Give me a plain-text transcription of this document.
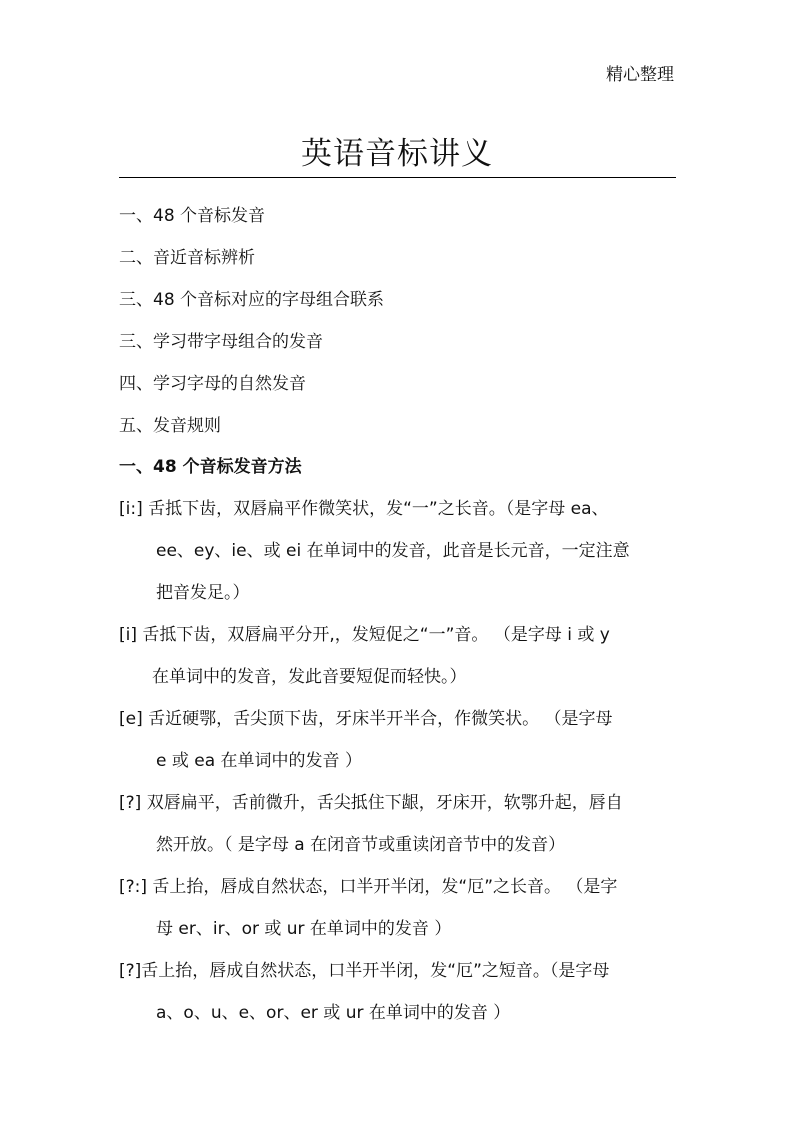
精心整理
英语音标讲义
一、48 个音标发音
二、音近音标辨析
三、48 个音标对应的字母组合联系
三、学习带字母组合的发音
四、学习字母的自然发音
五、发音规则
一、48 个音标发音方法
[i:] 舌抵下齿，双唇扁平作微笑状，发“一”之长音。（是字母 ea、
ee、ey、ie、或 ei 在单词中的发音，此音是长元音，一定注意
把音发足。）
[i] 舌抵下齿，双唇扁平分开,，发短促之“一”音。 （是字母 i 或 y
在单词中的发音，发此音要短促而轻快。）
[e] 舌近硬鄂，舌尖顶下齿，牙床半开半合，作微笑状。 （是字母
e 或 ea 在单词中的发音 ）
[?] 双唇扁平，舌前微升，舌尖抵住下龈，牙床开，软鄂升起，唇自
然开放。（ 是字母 a 在闭音节或重读闭音节中的发音）
[?:] 舌上抬，唇成自然状态，口半开半闭，发“厄”之长音。 （是字
母 er、ir、or 或 ur 在单词中的发音 ）
[?]舌上抬，唇成自然状态，口半开半闭，发“厄”之短音。（是字母
a、o、u、e、or、er 或 ur 在单词中的发音 ）
